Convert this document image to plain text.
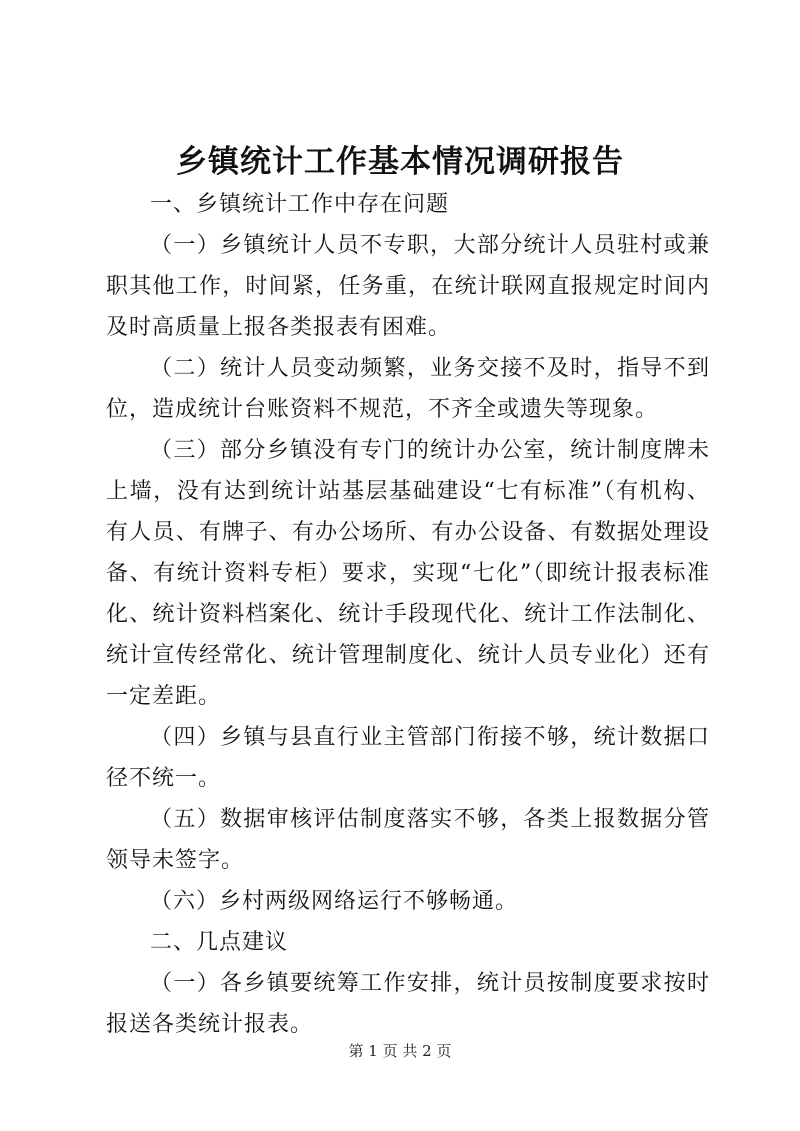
乡镇统计工作基本情况调研报告

一、乡镇统计工作中存在问题

（一）乡镇统计人员不专职，大部分统计人员驻村或兼职其他工作，时间紧，任务重，在统计联网直报规定时间内及时高质量上报各类报表有困难。

（二）统计人员变动频繁，业务交接不及时，指导不到位，造成统计台账资料不规范，不齐全或遗失等现象。

（三）部分乡镇没有专门的统计办公室，统计制度牌未上墙，没有达到统计站基层基础建设“七有标准”（有机构、有人员、有牌子、有办公场所、有办公设备、有数据处理设备、有统计资料专柜）要求，实现“七化”（即统计报表标准化、统计资料档案化、统计手段现代化、统计工作法制化、统计宣传经常化、统计管理制度化、统计人员专业化）还有一定差距。

（四）乡镇与县直行业主管部门衔接不够，统计数据口径不统一。

（五）数据审核评估制度落实不够，各类上报数据分管领导未签字。

（六）乡村两级网络运行不够畅通。

二、几点建议

（一）各乡镇要统筹工作安排，统计员按制度要求按时报送各类统计报表。

第 1 页 共 2 页
